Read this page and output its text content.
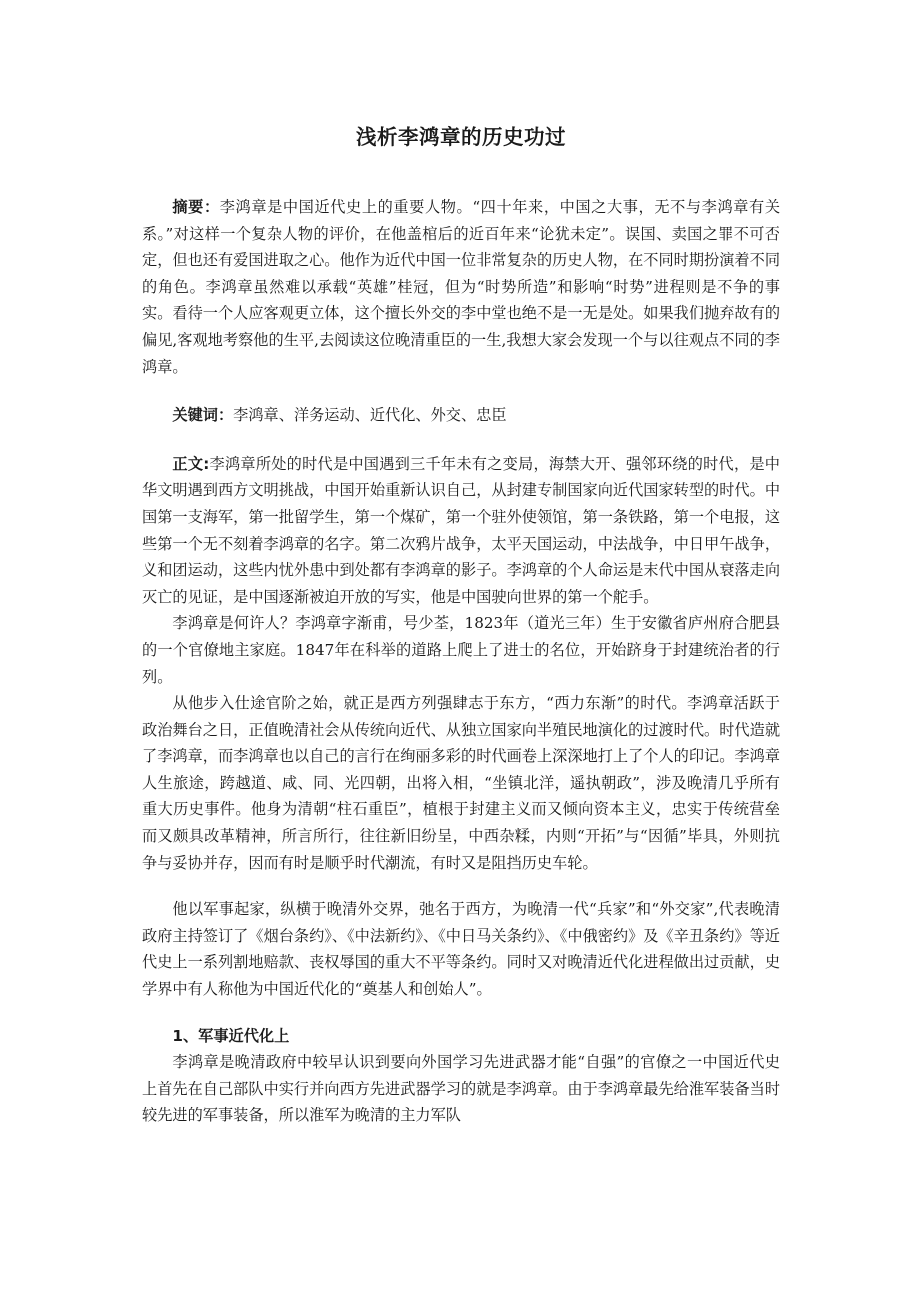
浅析李鸿章的历史功过

摘要：李鸿章是中国近代史上的重要人物。“四十年来，中国之大事，无不与李鸿章有关系。”对这样一个复杂人物的评价，在他盖棺后的近百年来“论犹未定”。误国、卖国之罪不可否定，但也还有爱国进取之心。他作为近代中国一位非常复杂的历史人物，在不同时期扮演着不同的角色。李鸿章虽然难以承载“英雄”桂冠，但为“时势所造”和影响“时势”进程则是不争的事实。看待一个人应客观更立体，这个擅长外交的李中堂也绝不是一无是处。如果我们抛弃故有的偏见,客观地考察他的生平,去阅读这位晚清重臣的一生,我想大家会发现一个与以往观点不同的李鸿章。

关键词：李鸿章、洋务运动、近代化、外交、忠臣

正文:李鸿章所处的时代是中国遇到三千年未有之变局，海禁大开、强邻环绕的时代，是中华文明遇到西方文明挑战，中国开始重新认识自己，从封建专制国家向近代国家转型的时代。中国第一支海军，第一批留学生，第一个煤矿，第一个驻外使领馆，第一条铁路，第一个电报，这些第一个无不刻着李鸿章的名字。第二次鸦片战争，太平天国运动，中法战争，中日甲午战争，义和团运动，这些内忧外患中到处都有李鸿章的影子。李鸿章的个人命运是末代中国从衰落走向灭亡的见证，是中国逐渐被迫开放的写实，他是中国驶向世界的第一个舵手。

李鸿章是何许人？李鸿章字渐甫，号少荃，1823年（道光三年）生于安徽省庐州府合肥县的一个官僚地主家庭。1847年在科举的道路上爬上了进士的名位，开始跻身于封建统治者的行列。

从他步入仕途官阶之始，就正是西方列强肆志于东方，“西力东渐”的时代。李鸿章活跃于政治舞台之日，正值晚清社会从传统向近代、从独立国家向半殖民地演化的过渡时代。时代造就了李鸿章，而李鸿章也以自己的言行在绚丽多彩的时代画卷上深深地打上了个人的印记。李鸿章人生旅途，跨越道、咸、同、光四朝，出将入相，“坐镇北洋，遥执朝政”，涉及晚清几乎所有重大历史事件。他身为清朝“柱石重臣”，植根于封建主义而又倾向资本主义，忠实于传统营垒而又颇具改革精神，所言所行，往往新旧纷呈，中西杂糅，内则“开拓”与“因循”毕具，外则抗争与妥协并存，因而有时是顺乎时代潮流，有时又是阻挡历史车轮。

他以军事起家，纵横于晚清外交界，弛名于西方，为晚清一代“兵家”和“外交家”,代表晚清政府主持签订了《烟台条约》、《中法新约》、《中日马关条约》、《中俄密约》及《辛丑条约》等近代史上一系列割地赔款、丧权辱国的重大不平等条约。同时又对晚清近代化进程做出过贡献，史学界中有人称他为中国近代化的“奠基人和创始人”。

1、军事近代化上

李鸿章是晚清政府中较早认识到要向外国学习先进武器才能“自强”的官僚之一中国近代史上首先在自己部队中实行并向西方先进武器学习的就是李鸿章。由于李鸿章最先给淮军装备当时较先进的军事装备，所以淮军为晚清的主力军队
